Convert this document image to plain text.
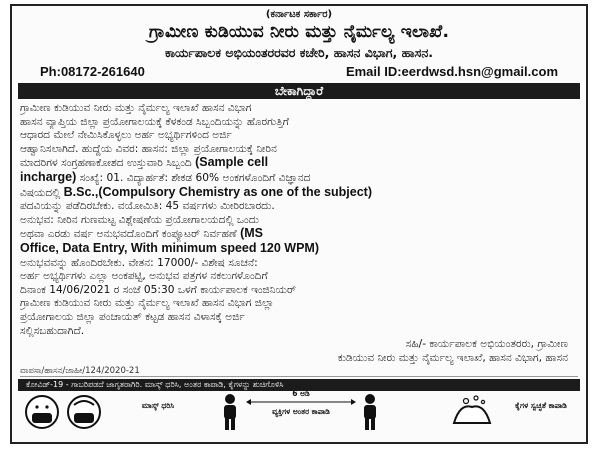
(ಕರ್ನಾಟಕ ಸರ್ಕಾರ)
ಗ್ರಾಮೀಣ ಕುಡಿಯುವ ನೀರು ಮತ್ತು ನೈರ್ಮಲ್ಯ ಇಲಾಖೆ.
ಕಾರ್ಯಪಾಲಕ ಅಭಿಯಂತರರವರ ಕಚೇರಿ, ಹಾಸನ ವಿಭಾಗ, ಹಾಸನ.
Ph:08172-261640	Email ID:eerdwsd.hsn@gmail.com
ಬೇಕಾಗಿದ್ದಾರೆ
ಗ್ರಾಮೀಣ ಕುಡಿಯುವ ನೀರು ಮತ್ತು ನೈರ್ಮಲ್ಯ ಇಲಾಖೆ ಹಾಸನ ವಿಭಾಗ
ಹಾಸನ ವ್ಯಾಪ್ತಿಯ ಜಿಲ್ಲಾ ಪ್ರಯೋಗಾಲಯಕ್ಕೆ ಕೆಳಕಂಡ ಸಿಬ್ಬಂದಿಯನ್ನು ಹೊರಗುತ್ತಿಗೆ
ಆಧಾರದ ಮೇಲೆ ನೇಮಿಸಿಕೊಳ್ಳಲು ಅರ್ಹ ಅಭ್ಯರ್ಥಿಗಳಿಂದ ಅರ್ಜಿ
ಆಹ್ವಾನಿಸಲಾಗಿದೆ. ಹುದ್ದೆಯ ವಿವರ: ಹಾಸನ: ಜಿಲ್ಲಾ ಪ್ರಯೋಗಾಲಯಕ್ಕೆ ನೀರಿನ
ಮಾದರಿಗಳ ಸಂಗ್ರಹಣಾಕೋಶದ ಉಸ್ತುವಾರಿ ಸಿಬ್ಬಂದಿ (Sample cell
incharge) ಸಂಖ್ಯೆ: 01. ವಿದ್ಯಾರ್ಹತೆ: ಶೇಕಡ 60% ಅಂಕಗಳೊಂದಿಗೆ ವಿಜ್ಞಾನದ
ವಿಷಯದಲ್ಲಿ B.Sc.,(Compulsory Chemistry as one of the subject)
ಪದವಿಯನ್ನು ಪಡೆದಿರಬೇಕು. ವಯೋಮಿತಿ: 45 ವರ್ಷಗಳು ಮೀರಿರಬಾರದು.
ಅನುಭವ: ನೀರಿನ ಗುಣಮಟ್ಟ ವಿಶ್ಲೇಷಣೆಯ ಪ್ರಯೋಗಾಲಯದಲ್ಲಿ ಒಂದು
ಅಥವಾ ಎರಡು ವರ್ಷ ಅನುಭವದೊಂದಿಗೆ ಕಂಪ್ಯೂಟರ್ ನಿರ್ವಹಣೆ (MS
Office, Data Entry, With minimum speed 120 WPM)
ಅನುಭವವನ್ನು ಹೊಂದಿರಬೇಕು. ವೇತನ: 17000/- ವಿಶೇಷ ಸೂಚನೆ:
ಅರ್ಹ ಅಭ್ಯರ್ಥಿಗಳು ಎಲ್ಲಾ ಅಂಕಪಟ್ಟಿ, ಅನುಭವ ಪತ್ರಗಳ ನಕಲುಗಳೊಂದಿಗೆ
ದಿನಾಂಕ 14/06/2021 ರ ಸಂಜೆ 05:30 ಒಳಗೆ ಕಾರ್ಯಪಾಲಕ ಇಂಜಿನಿಯರ್
ಗ್ರಾಮೀಣ ಕುಡಿಯುವ ನೀರು ಮತ್ತು ನೈರ್ಮಲ್ಯ ಇಲಾಖೆ ಹಾಸನ ವಿಭಾಗ ಜಿಲ್ಲಾ
ಪ್ರಯೋಗಾಲಯ ಜಿಲ್ಲಾ ಪಂಚಾಯತ್ ಕಟ್ಟಡ ಹಾಸನ ವಿಳಾಸಕ್ಕೆ ಅರ್ಜಿ
ಸಲ್ಲಿಸಬಹುದಾಗಿದೆ.
ಸಹಿ/- ಕಾರ್ಯಪಾಲಕ ಅಭಿಯಂತರರು, ಗ್ರಾಮೀಣ
ಕುಡಿಯುವ ನೀರು ಮತ್ತು ನೈರ್ಮಲ್ಯ ಇಲಾಖೆ, ಹಾಸನ ವಿಭಾಗ, ಹಾಸನ
ವಾಪಸಾ/ಹಾಸನ/ಜಾಹೀ/124/2020-21
ಕೋವಿಡ್-19 - ಗಾಬರಿಪಡದೆ ಜಾಗೃತರಾಗಿರಿ. ಮಾಸ್ಕ್ ಧರಿಸಿ, ಅಂತರ ಕಾಪಾಡಿ, ಕೈಗಳನ್ನು ಶುಚಿಗೊಳಿಸಿ
ಮಾಸ್ಕ್ ಧರಿಸಿ
6 ಅಡಿ
ವ್ಯಕ್ತಿಗಳ ಅಂತರ ಕಾಪಾಡಿ
ಕೈಗಳ ಸ್ವಚ್ಛತೆ ಕಾಪಾಡಿ
